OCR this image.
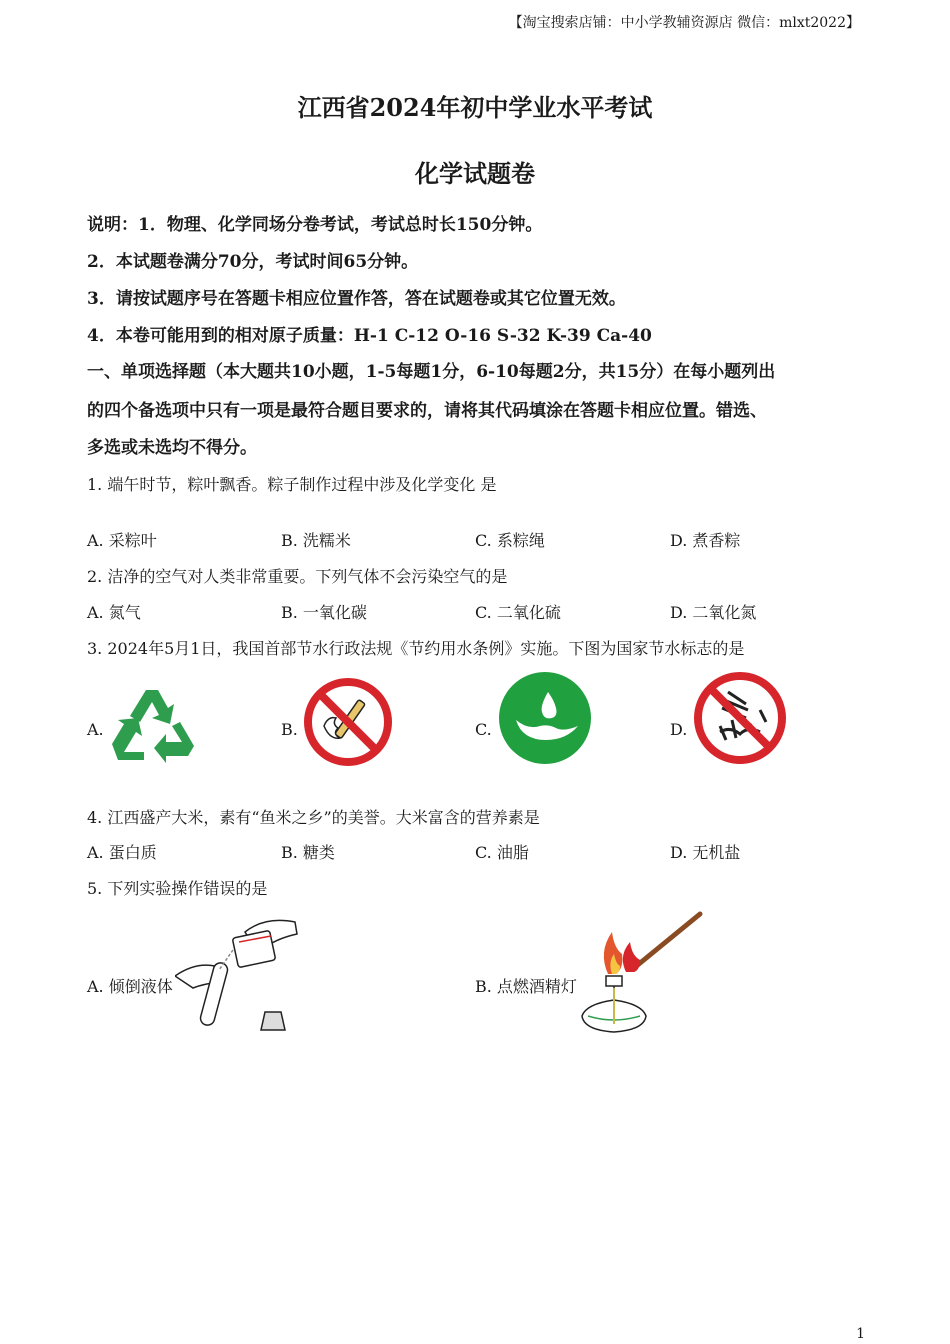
【淘宝搜索店铺：中小学教辅资源店 微信：mlxt2022】
江西省2024年初中学业水平考试
化学试题卷
说明：1．物理、化学同场分卷考试，考试总时长150分钟。
2．本试题卷满分70分，考试时间65分钟。
3．请按试题序号在答题卡相应位置作答，答在试题卷或其它位置无效。
4．本卷可能用到的相对原子质量：H-1 C-12 O-16 S-32 K-39 Ca-40
一、单项选择题（本大题共10小题，1-5每题1分，6-10每题2分，共15分）在每小题列出
的四个备选项中只有一项是最符合题目要求的，请将其代码填涂在答题卡相应位置。错选、
多选或未选均不得分。
1. 端午时节，粽叶飘香。粽子制作过程中涉及化学变化 是
A. 采粽叶	B. 洗糯米	C. 系粽绳	D. 煮香粽
2. 洁净的空气对人类非常重要。下列气体不会污染空气的是
A. 氮气	B. 一氧化碳	C. 二氧化硫	D. 二氧化氮
3. 2024年5月1日，我国首部节水行政法规《节约用水条例》实施。下图为国家节水标志的是
A.	B.	C.	D.
4. 江西盛产大米，素有“鱼米之乡”的美誉。大米富含的营养素是
A. 蛋白质	B. 糖类	C. 油脂	D. 无机盐
5. 下列实验操作错误的是
A. 倾倒液体	B. 点燃酒精灯
1
